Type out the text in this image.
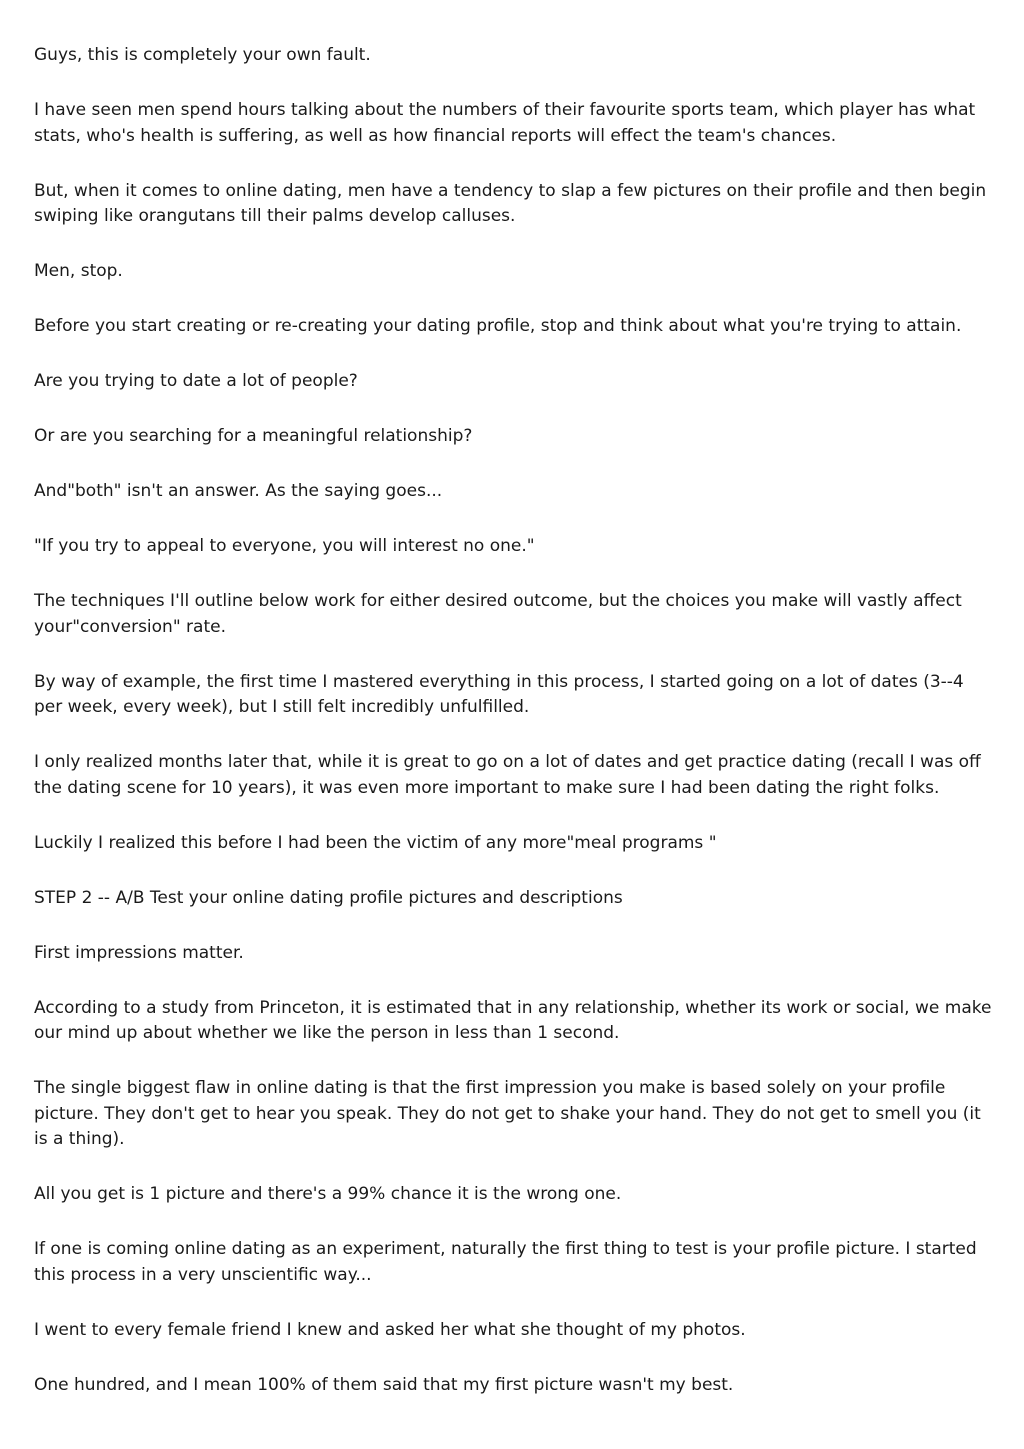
Guys, this is completely your own fault.

I have seen men spend hours talking about the numbers of their favourite sports team, which player has what stats, who's health is suffering, as well as how financial reports will effect the team's chances.

But, when it comes to online dating, men have a tendency to slap a few pictures on their profile and then begin swiping like orangutans till their palms develop calluses.

Men, stop.

Before you start creating or re-creating your dating profile, stop and think about what you're trying to attain.

Are you trying to date a lot of people?

Or are you searching for a meaningful relationship?

And"both" isn't an answer. As the saying goes...

"If you try to appeal to everyone, you will interest no one."

The techniques I'll outline below work for either desired outcome, but the choices you make will vastly affect your"conversion" rate.

By way of example, the first time I mastered everything in this process, I started going on a lot of dates (3--4 per week, every week), but I still felt incredibly unfulfilled.

I only realized months later that, while it is great to go on a lot of dates and get practice dating (recall I was off the dating scene for 10 years), it was even more important to make sure I had been dating the right folks.

Luckily I realized this before I had been the victim of any more"meal programs "

STEP 2 -- A/B Test your online dating profile pictures and descriptions

First impressions matter.

According to a study from Princeton, it is estimated that in any relationship, whether its work or social, we make our mind up about whether we like the person in less than 1 second.

The single biggest flaw in online dating is that the first impression you make is based solely on your profile picture. They don't get to hear you speak. They do not get to shake your hand. They do not get to smell you (it is a thing).

All you get is 1 picture and there's a 99% chance it is the wrong one.

If one is coming online dating as an experiment, naturally the first thing to test is your profile picture. I started this process in a very unscientific way...

I went to every female friend I knew and asked her what she thought of my photos.

One hundred, and I mean 100% of them said that my first picture wasn't my best.
